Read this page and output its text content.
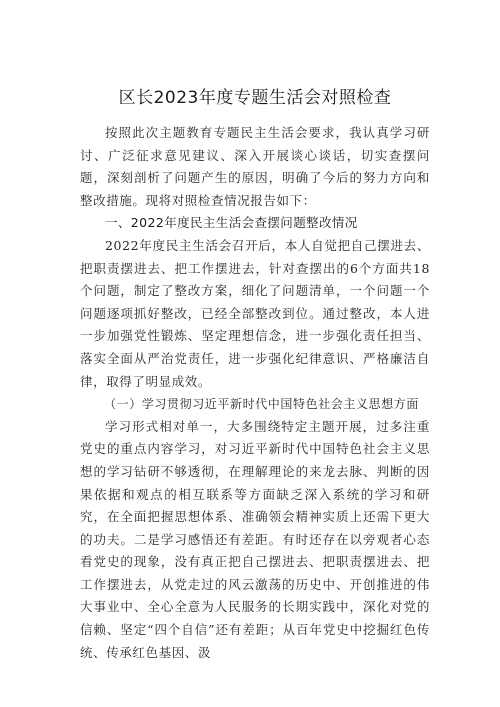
区长2023年度专题生活会对照检查

按照此次主题教育专题民主生活会要求，我认真学习研讨、广泛征求意见建议、深入开展谈心谈话，切实查摆问题，深刻剖析了问题产生的原因，明确了今后的努力方向和整改措施。现将对照检查情况报告如下：

一、2022年度民主生活会查摆问题整改情况

2022年度民主生活会召开后，本人自觉把自己摆进去、把职责摆进去、把工作摆进去，针对查摆出的6个方面共18个问题，制定了整改方案，细化了问题清单，一个问题一个问题逐项抓好整改，已经全部整改到位。通过整改，本人进一步加强党性锻炼、坚定理想信念，进一步强化责任担当、落实全面从严治党责任，进一步强化纪律意识、严格廉洁自律，取得了明显成效。

（一）学习贯彻习近平新时代中国特色社会主义思想方面

学习形式相对单一，大多围绕特定主题开展，过多注重党史的重点内容学习，对习近平新时代中国特色社会主义思想的学习钻研不够透彻，在理解理论的来龙去脉、判断的因果依据和观点的相互联系等方面缺乏深入系统的学习和研究，在全面把握思想体系、准确领会精神实质上还需下更大的功夫。二是学习感悟还有差距。有时还存在以旁观者心态看党史的现象，没有真正把自己摆进去、把职责摆进去、把工作摆进去，从党走过的风云激荡的历史中、开创推进的伟大事业中、全心全意为人民服务的长期实践中，深化对党的信赖、坚定“四个自信”还有差距；从百年党史中挖掘红色传统、传承红色基因、汲
